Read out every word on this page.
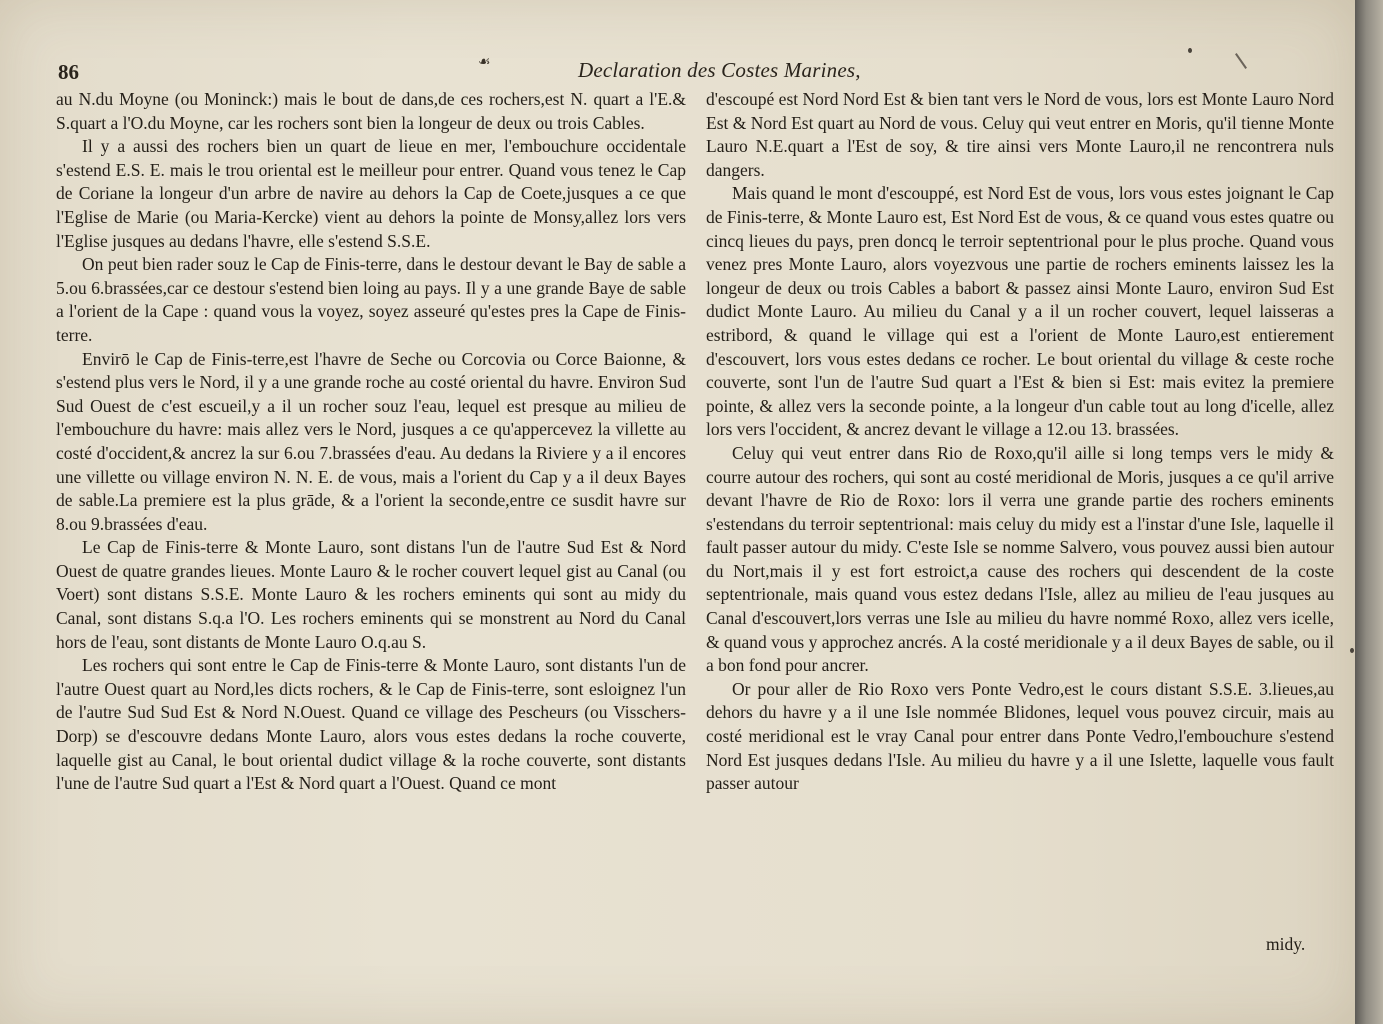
86	☙	Declaration des Costes Marines,

au N.du Moyne (ou Moninck:) mais le bout de dans,de ces rochers,est N. quart a l'E.& S.quart a l'O.du Moyne, car les rochers sont bien la longeur de deux ou trois Cables.

Il y a aussi des rochers bien un quart de lieue en mer, l'embouchure occidentale s'estend E.S. E. mais le trou oriental est le meilleur pour entrer. Quand vous tenez le Cap de Coriane la longeur d'un arbre de navire au dehors la Cap de Coete,jusques a ce que l'Eglise de Marie (ou Maria-Kercke) vient au dehors la pointe de Monsy,allez lors vers l'Eglise jusques au dedans l'havre, elle s'estend S.S.E.

On peut bien rader souz le Cap de Finis-terre, dans le destour devant le Bay de sable a 5.ou 6.brassées,car ce destour s'estend bien loing au pays. Il y a une grande Baye de sable a l'orient de la Cape : quand vous la voyez, soyez asseuré qu'estes pres la Cape de Finis-terre.

Envirō le Cap de Finis-terre,est l'havre de Seche ou Corcovia ou Corce Baionne, & s'estend plus vers le Nord, il y a une grande roche au costé oriental du havre. Environ Sud Sud Ouest de c'est escueil,y a il un rocher souz l'eau, lequel est presque au milieu de l'embouchure du havre: mais allez vers le Nord, jusques a ce qu'appercevez la villette au costé d'occident,& ancrez la sur 6.ou 7.brassées d'eau. Au dedans la Riviere y a il encores une villette ou village environ N. N. E. de vous, mais a l'orient du Cap y a il deux Bayes de sable.La premiere est la plus grāde, & a l'orient la seconde,entre ce susdit havre sur 8.ou 9.brassées d'eau.

Le Cap de Finis-terre & Monte Lauro, sont distans l'un de l'autre Sud Est & Nord Ouest de quatre grandes lieues. Monte Lauro & le rocher couvert lequel gist au Canal (ou Voert) sont distans S.S.E. Monte Lauro & les rochers eminents qui sont au midy du Canal, sont distans S.q.a l'O. Les rochers eminents qui se monstrent au Nord du Canal hors de l'eau, sont distants de Monte Lauro O.q.au S.

Les rochers qui sont entre le Cap de Finis-terre & Monte Lauro, sont distants l'un de l'autre Ouest quart au Nord,les dicts rochers, & le Cap de Finis-terre, sont esloignez l'un de l'autre Sud Sud Est & Nord N.Ouest. Quand ce village des Pescheurs (ou Visschers-Dorp) se d'escouvre dedans Monte Lauro, alors vous estes dedans la roche couverte, laquelle gist au Canal, le bout oriental dudict village & la roche couverte, sont distants l'une de l'autre Sud quart a l'Est & Nord quart a l'Ouest. Quand ce mont

d'escoupé est Nord Nord Est & bien tant vers le Nord de vous, lors est Monte Lauro Nord Est & Nord Est quart au Nord de vous. Celuy qui veut entrer en Moris, qu'il tienne Monte Lauro N.E.quart a l'Est de soy, & tire ainsi vers Monte Lauro,il ne rencontrera nuls dangers.

Mais quand le mont d'escouppé, est Nord Est de vous, lors vous estes joignant le Cap de Finis-terre, & Monte Lauro est, Est Nord Est de vous, & ce quand vous estes quatre ou cincq lieues du pays, pren doncq le terroir septentrional pour le plus proche. Quand vous venez pres Monte Lauro, alors voyezvous une partie de rochers eminents laissez les la longeur de deux ou trois Cables a babort & passez ainsi Monte Lauro, environ Sud Est dudict Monte Lauro. Au milieu du Canal y a il un rocher couvert, lequel laisseras a estribord, & quand le village qui est a l'orient de Monte Lauro,est entierement d'escouvert, lors vous estes dedans ce rocher. Le bout oriental du village & ceste roche couverte, sont l'un de l'autre Sud quart a l'Est & bien si Est: mais evitez la premiere pointe, & allez vers la seconde pointe, a la longeur d'un cable tout au long d'icelle, allez lors vers l'occident, & ancrez devant le village a 12.ou 13. brassées.

Celuy qui veut entrer dans Rio de Roxo,qu'il aille si long temps vers le midy & courre autour des rochers, qui sont au costé meridional de Moris, jusques a ce qu'il arrive devant l'havre de Rio de Roxo: lors il verra une grande partie des rochers eminents s'estendans du terroir septentrional: mais celuy du midy est a l'instar d'une Isle, laquelle il fault passer autour du midy. C'este Isle se nomme Salvero, vous pouvez aussi bien autour du Nort,mais il y est fort estroict,a cause des rochers qui descendent de la coste septentrionale, mais quand vous estez dedans l'Isle, allez au milieu de l'eau jusques au Canal d'escouvert,lors verras une Isle au milieu du havre nommé Roxo, allez vers icelle, & quand vous y approchez ancrés. A la costé meridionale y a il deux Bayes de sable, ou il a bon fond pour ancrer.

Or pour aller de Rio Roxo vers Ponte Vedro,est le cours distant S.S.E. 3.lieues,au dehors du havre y a il une Isle nommée Blidones, lequel vous pouvez circuir, mais au costé meridional est le vray Canal pour entrer dans Ponte Vedro,l'embouchure s'estend Nord Est jusques dedans l'Isle. Au milieu du havre y a il une Islette, laquelle vous fault passer autour

midy.
